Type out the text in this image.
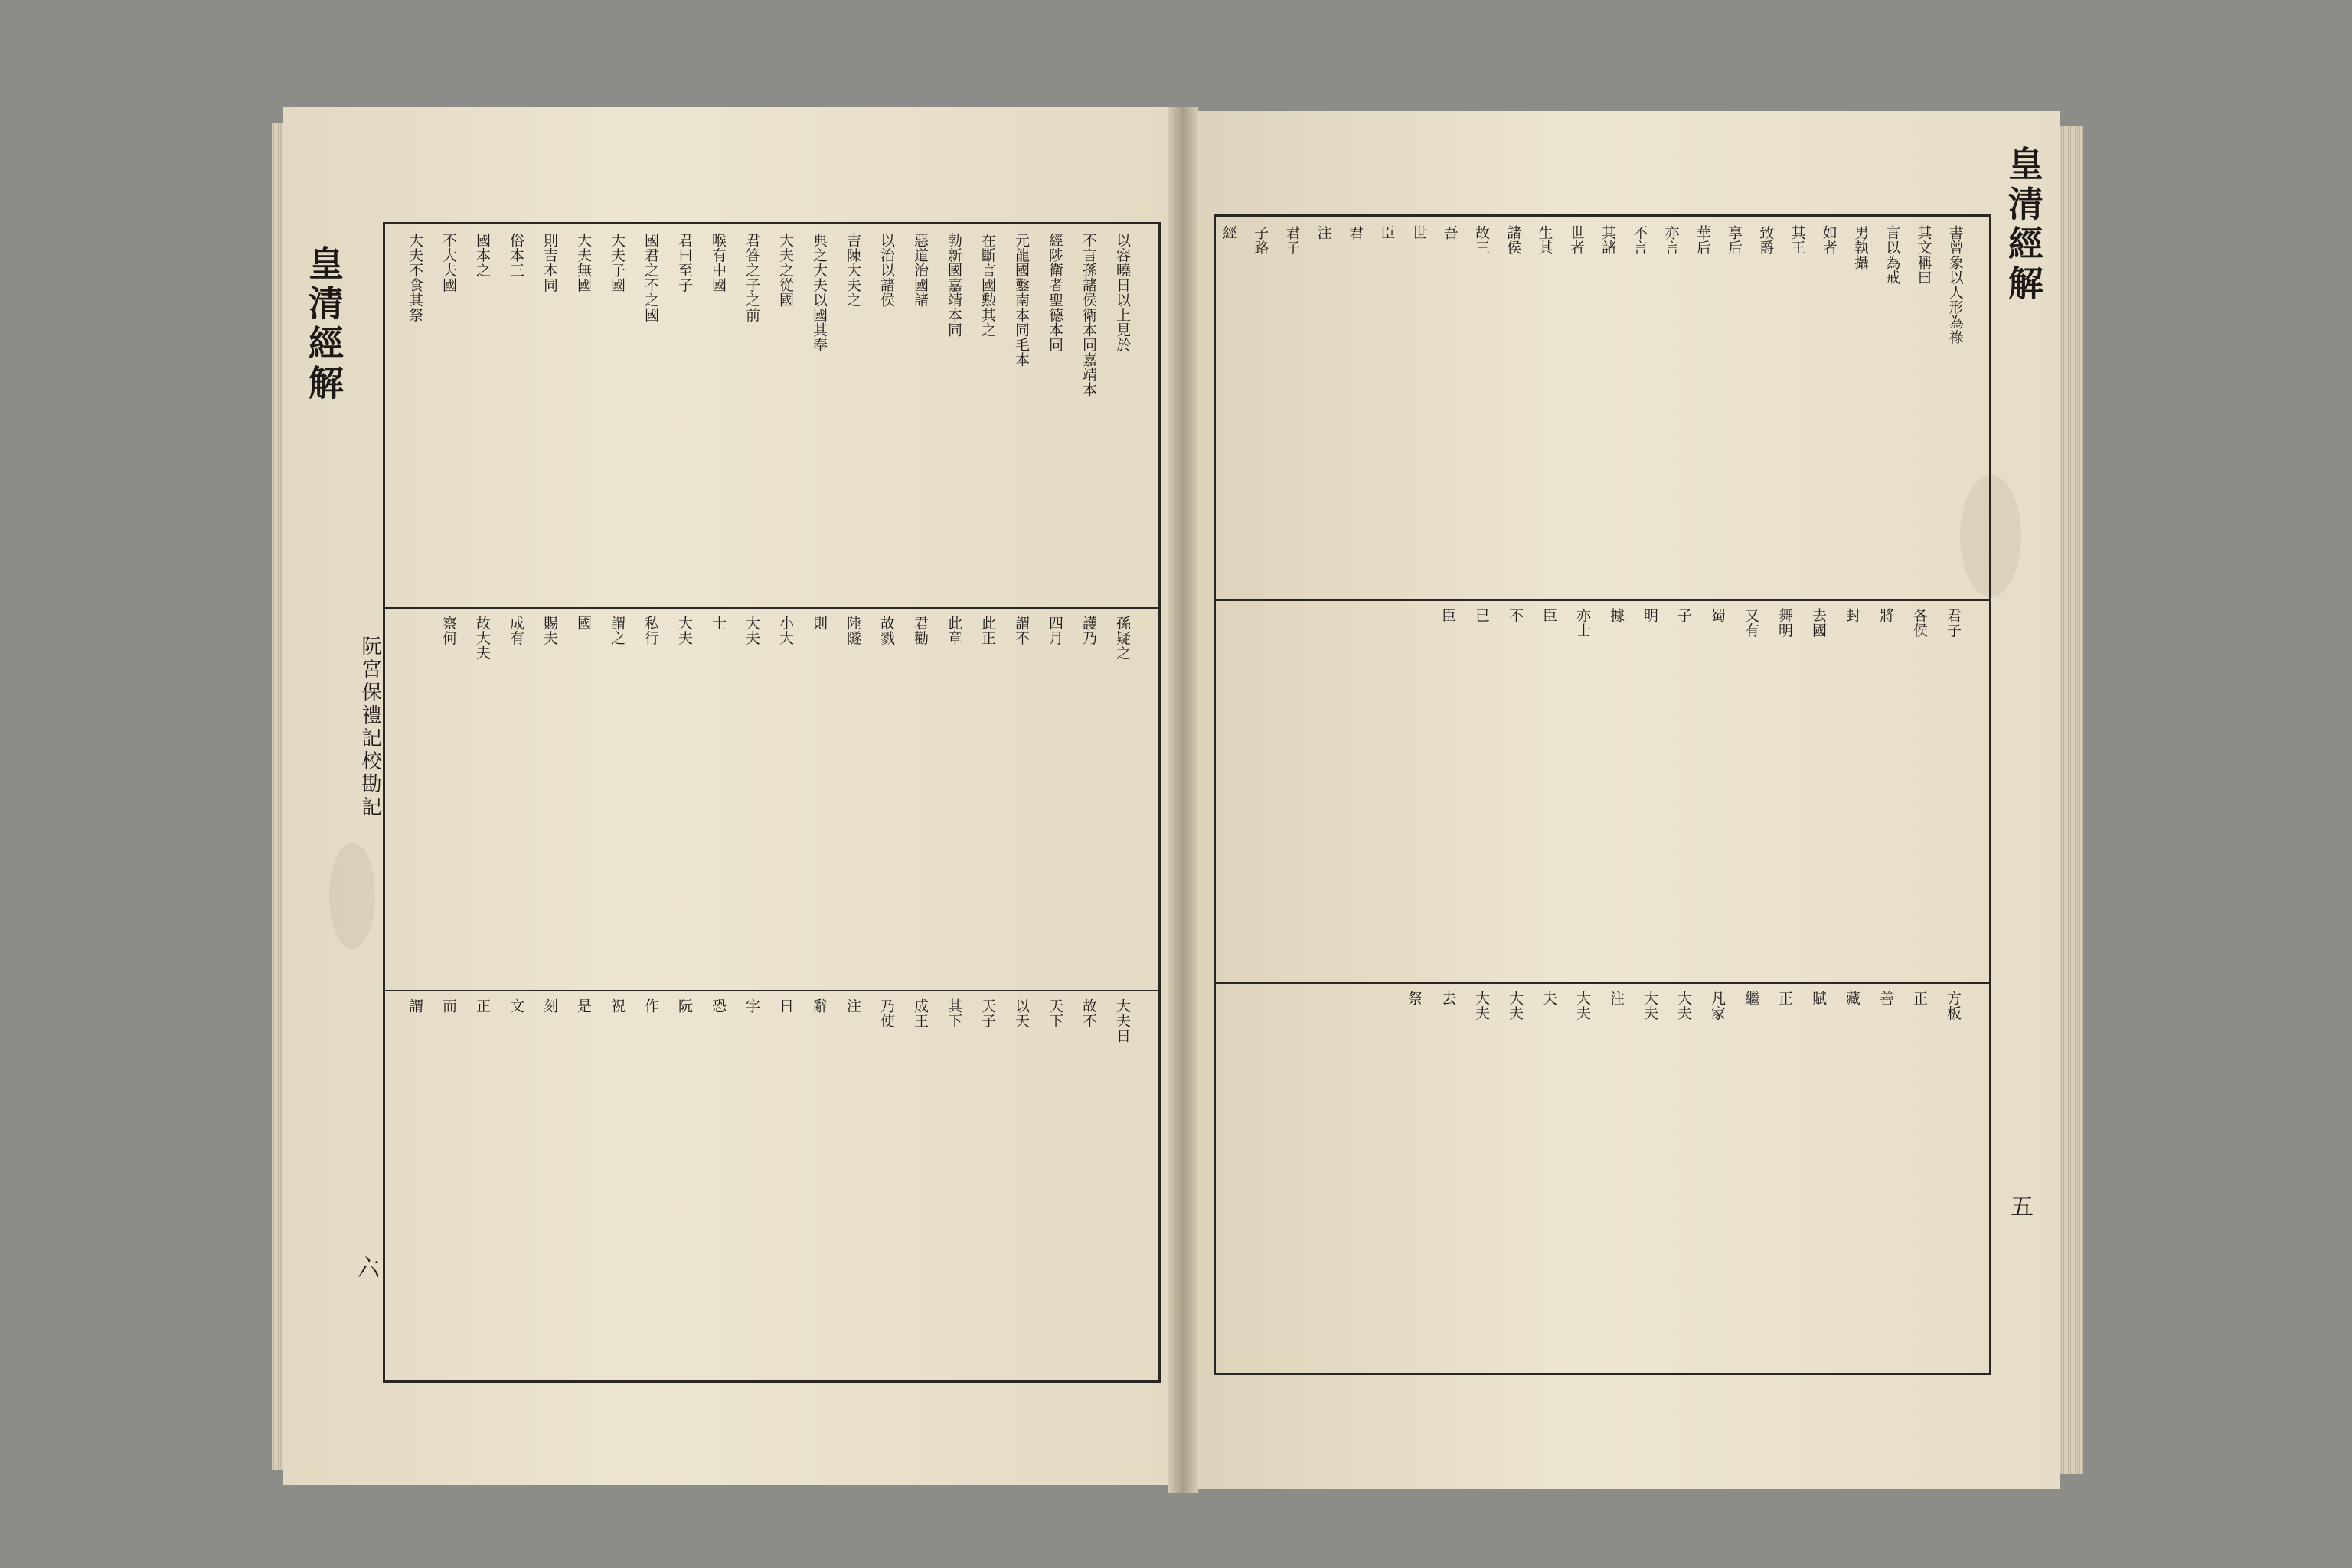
皇清經解
阮宮保禮記校勘記
六
以容曉日以上見於
不言孫諸侯衛本同嘉靖本
經陟衛者聖德本同
元龍國鑿南本同毛本
在斷言國勲其之
勃新國嘉靖本同
惡道治國諸
以治以諸侯
吉陳大夫之
典之大夫以國其奉
大夫之從國
君答之子之前
喉有中國
君曰至子
國君之不之國
大夫子國
大夫無國
則吉本同
俗本三
國本之
不大夫國
大夫不食其祭
孫疑之
護乃
四月
謂不
此正
此章
君勸
故戮
陸隧
則
小大
大夫
士
大夫
私行
謂之
國
賜夫
成有
故大夫
察何
大夫日
故不
天下
以天
天子
其下
成王
乃使
注
辭
日
字
恐
阮
作
祝
是
刻
文
正
而
謂
皇清經解
五
書曾象以人形為祿
其文稱曰
言以為戒
男執攝
如者
其王
致爵
享后
華后
亦言
不言
其諸
世者
生其
諸侯
故三
吾
世
臣
君
注
君子
子路
經
君子
各侯
將
封
去國
舞明
又有
蜀
子
明
據
亦士
臣
不
已
臣
方板
正
善
藏
賦
正
繼
凡家
大夫
大夫
注
大夫
夫
大夫
大夫
去
祭
